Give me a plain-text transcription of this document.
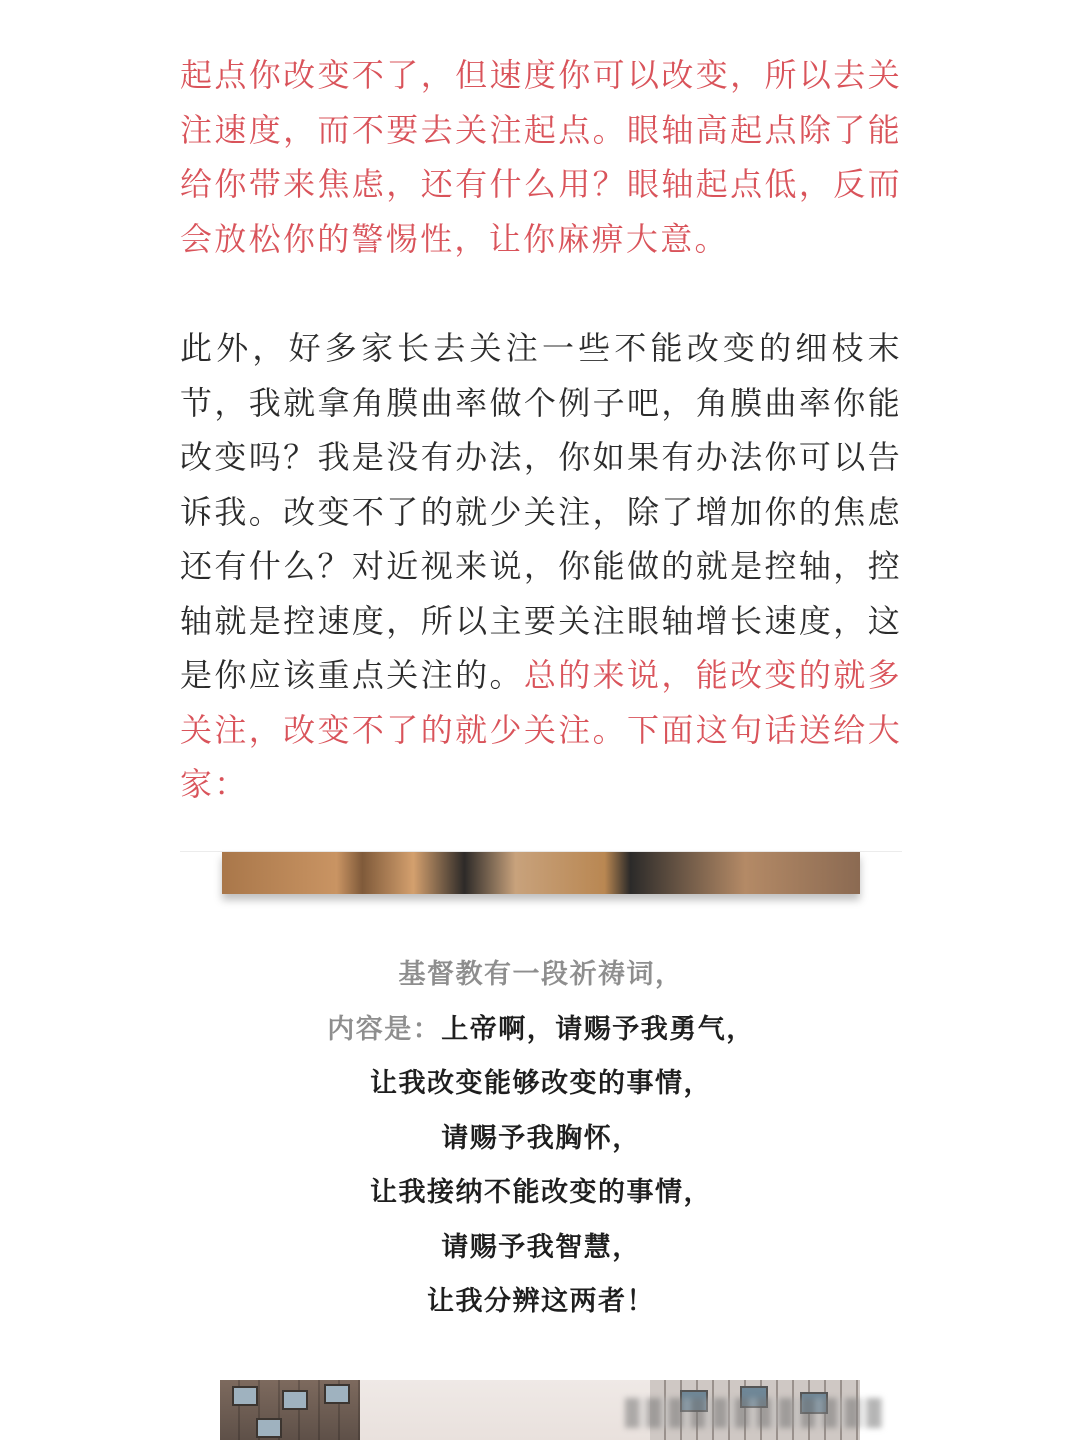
起点你改变不了，但速度你可以改变，所以去关注速度，而不要去关注起点。眼轴高起点除了能给你带来焦虑，还有什么用？眼轴起点低，反而会放松你的警惕性，让你麻痹大意。

此外，好多家长去关注一些不能改变的细枝末节，我就拿角膜曲率做个例子吧，角膜曲率你能改变吗？我是没有办法，你如果有办法你可以告诉我。改变不了的就少关注，除了增加你的焦虑还有什么？对近视来说，你能做的就是控轴，控轴就是控速度，所以主要关注眼轴增长速度，这是你应该重点关注的。总的来说，能改变的就多关注，改变不了的就少关注。下面这句话送给大家：

基督教有一段祈祷词，
内容是：上帝啊，请赐予我勇气，
让我改变能够改变的事情，
请赐予我胸怀，
让我接纳不能改变的事情，
请赐予我智慧，
让我分辨这两者！
